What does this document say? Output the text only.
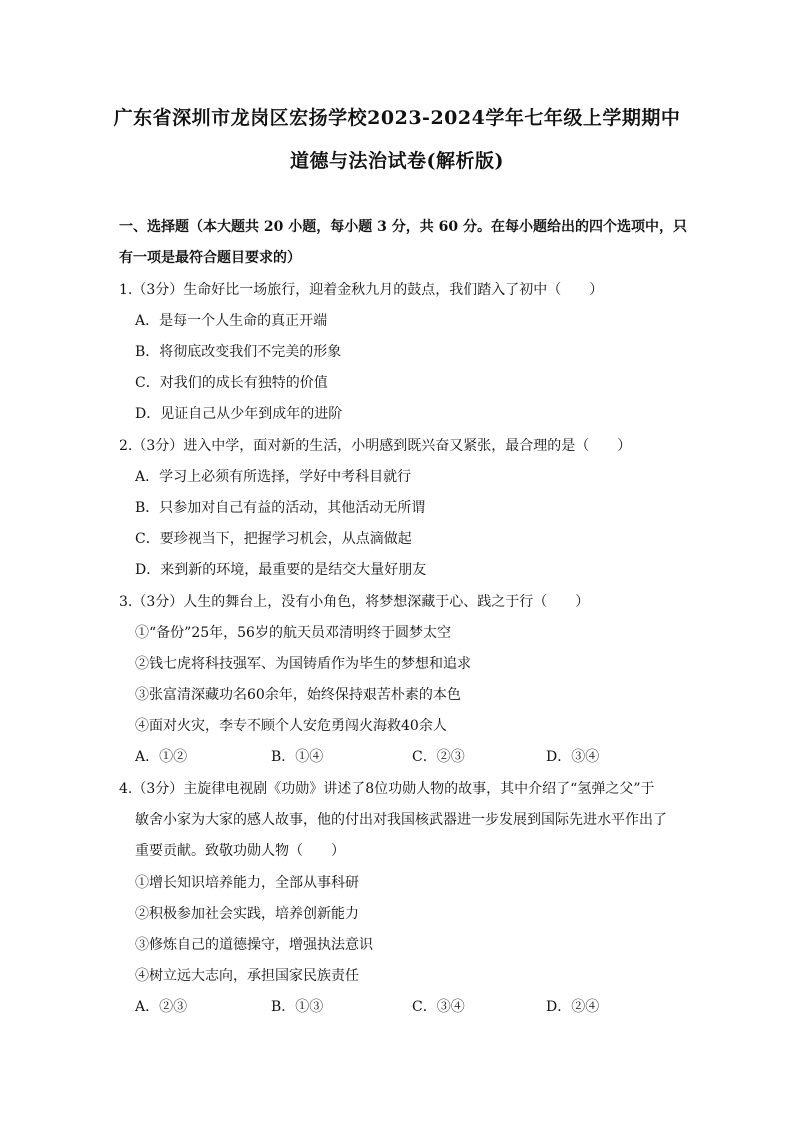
广东省深圳市龙岗区宏扬学校2023-2024学年七年级上学期期中
道德与法治试卷(解析版)
一、选择题（本大题共 20 小题，每小题 3 分，共 60 分。在每小题给出的四个选项中，只
有一项是最符合题目要求的）
1.（3分）生命好比一场旅行，迎着金秋九月的鼓点，我们踏入了初中（　　）
A．是每一个人生命的真正开端
B．将彻底改变我们不完美的形象
C．对我们的成长有独特的价值
D．见证自己从少年到成年的进阶
2.（3分）进入中学，面对新的生活，小明感到既兴奋又紧张，最合理的是（　　）
A．学习上必须有所选择，学好中考科目就行
B．只参加对自己有益的活动，其他活动无所谓
C．要珍视当下，把握学习机会，从点滴做起
D．来到新的环境，最重要的是结交大量好朋友
3.（3分）人生的舞台上，没有小角色，将梦想深藏于心、践之于行（　　）
①“备份”25年，56岁的航天员邓清明终于圆梦太空
②钱七虎将科技强军、为国铸盾作为毕生的梦想和追求
③张富清深藏功名60余年，始终保持艰苦朴素的本色
④面对火灾，李专不顾个人安危勇闯火海救40余人
A．①②	B．①④	C．②③	D．③④
4.（3分）主旋律电视剧《功勋》讲述了8位功勋人物的故事，其中介绍了“氢弹之父”于
敏舍小家为大家的感人故事，他的付出对我国核武器进一步发展到国际先进水平作出了
重要贡献。致敬功勋人物（　　）
①增长知识培养能力，全部从事科研
②积极参加社会实践，培养创新能力
③修炼自己的道德操守，增强执法意识
④树立远大志向，承担国家民族责任
A．②③	B．①③	C．③④	D．②④
